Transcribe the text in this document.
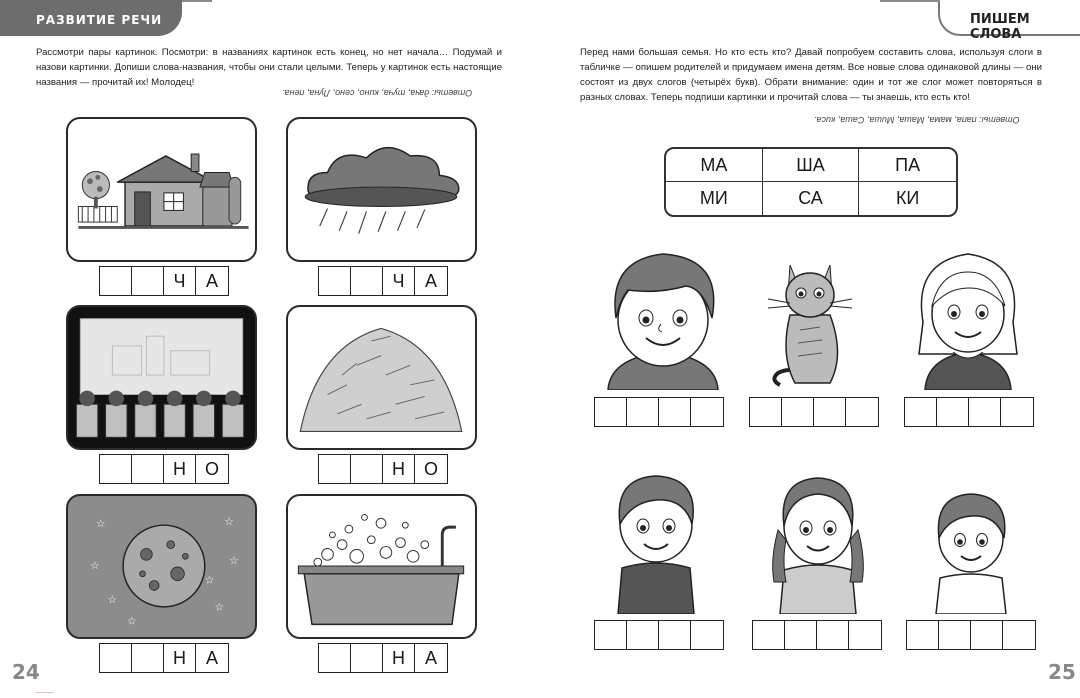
РАЗВИТИЕ РЕЧИ	ПИШЕМ СЛОВА

Рассмотри пары картинок. Посмотри: в названиях картинок есть конец, но нет начала… Подумай и назови картинки. Допиши слова-названия, чтобы они стали целыми. Теперь у картинок есть настоящие названия — прочитай их! Молодец!

Ответы: дача, туча, кино, сено, Луна, пена.
Ч	А	Ч	А
Н	О	Н	О
☆	☆
☆
☆
☆	☆
☆
☆
Н	А	Н	А
24

Перед нами большая семья. Но кто есть кто? Давай попробуем составить слова, используя слоги в табличке — опишем родителей и придумаем имена детям. Все новые слова одинаковой длины — они состоят из двух слогов (четырёх букв). Обрати внимание: один и тот же слог может повторяться в разных словах. Теперь подпиши картинки и прочитай слова — ты знаешь, кто есть кто!

Ответы: папа, мама, Маша, Миша, Саша, киса.
МА	ША	ПА
МИ	СА	КИ
25
